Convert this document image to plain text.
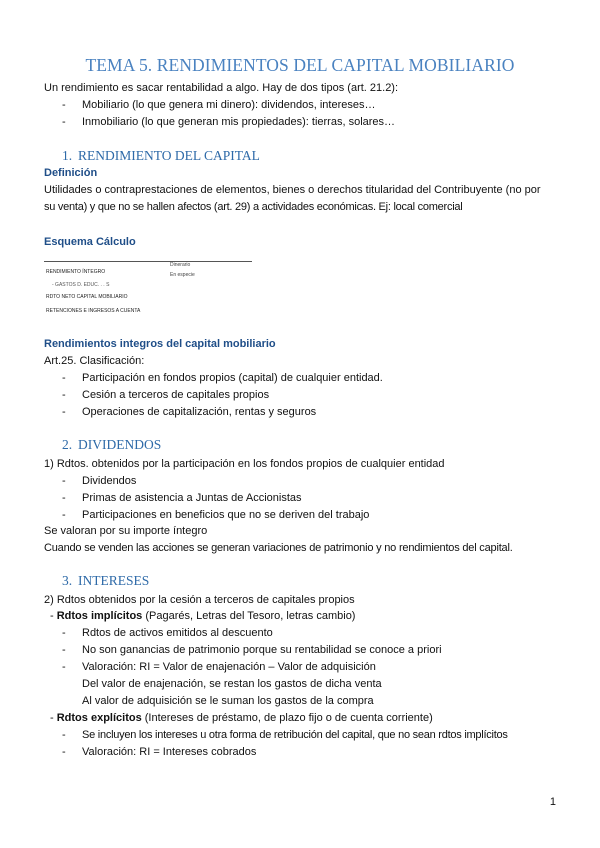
TEMA 5. RENDIMIENTOS DEL CAPITAL MOBILIARIO
Un rendimiento es sacar rentabilidad a algo. Hay de dos tipos (art. 21.2):
- Mobiliario (lo que genera mi dinero): dividendos, intereses…
- Inmobiliario (lo que generan mis propiedades): tierras, solares…
1. RENDIMIENTO DEL CAPITAL
Definición
Utilidades o contraprestaciones de elementos, bienes o derechos titularidad del Contribuyente (no por
su venta) y que no se hallen afectos (art. 29) a actividades económicas. Ej: local comercial
Esquema Cálculo
RENDIMIENTO ÍNTEGRO
- GASTOS D. EDUC. . . S
RDTO NETO CAPITAL MOBILIARIO
RETENCIONES E INGRESOS A CUENTA
Dinerario
En especie
Rendimientos integros del capital mobiliario
Art.25. Clasificación:
- Participación en fondos propios (capital) de cualquier entidad.
- Cesión a terceros de capitales propios
- Operaciones de capitalización, rentas y seguros
2. DIVIDENDOS
1) Rdtos. obtenidos por la participación en los fondos propios de cualquier entidad
- Dividendos
- Primas de asistencia a Juntas de Accionistas
- Participaciones en beneficios que no se deriven del trabajo
Se valoran por su importe íntegro
Cuando se venden las acciones se generan variaciones de patrimonio y no rendimientos del capital.
3. INTERESES
2) Rdtos obtenidos por la cesión a terceros de capitales propios
- Rdtos implícitos (Pagarés, Letras del Tesoro, letras cambio)
- Rdtos de activos emitidos al descuento
- No son ganancias de patrimonio porque su rentabilidad se conoce a priori
- Valoración: RI = Valor de enajenación – Valor de adquisición
Del valor de enajenación, se restan los gastos de dicha venta
Al valor de adquisición se le suman los gastos de la compra
- Rdtos explícitos (Intereses de préstamo, de plazo fijo o de cuenta corriente)
- Se incluyen los intereses u otra forma de retribución del capital, que no sean rdtos implícitos
- Valoración: RI = Intereses cobrados
1
